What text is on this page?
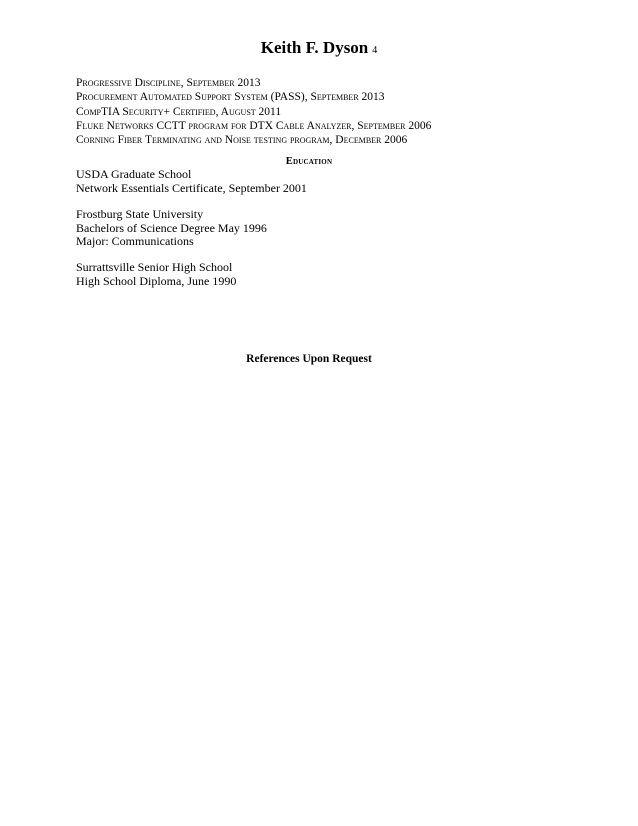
Keith F. Dyson 4
Progressive Discipline, September 2013
Procurement Automated Support System (PASS), September 2013
CompTIA Security+ Certified, August 2011
Fluke Networks CCTT program for DTX Cable Analyzer, September 2006
Corning Fiber Terminating and Noise testing program, December 2006
Education
USDA Graduate School
Network Essentials Certificate, September 2001
Frostburg State University
Bachelors of Science Degree May 1996
Major: Communications
Surrattsville Senior High School
High School Diploma, June 1990
References Upon Request
